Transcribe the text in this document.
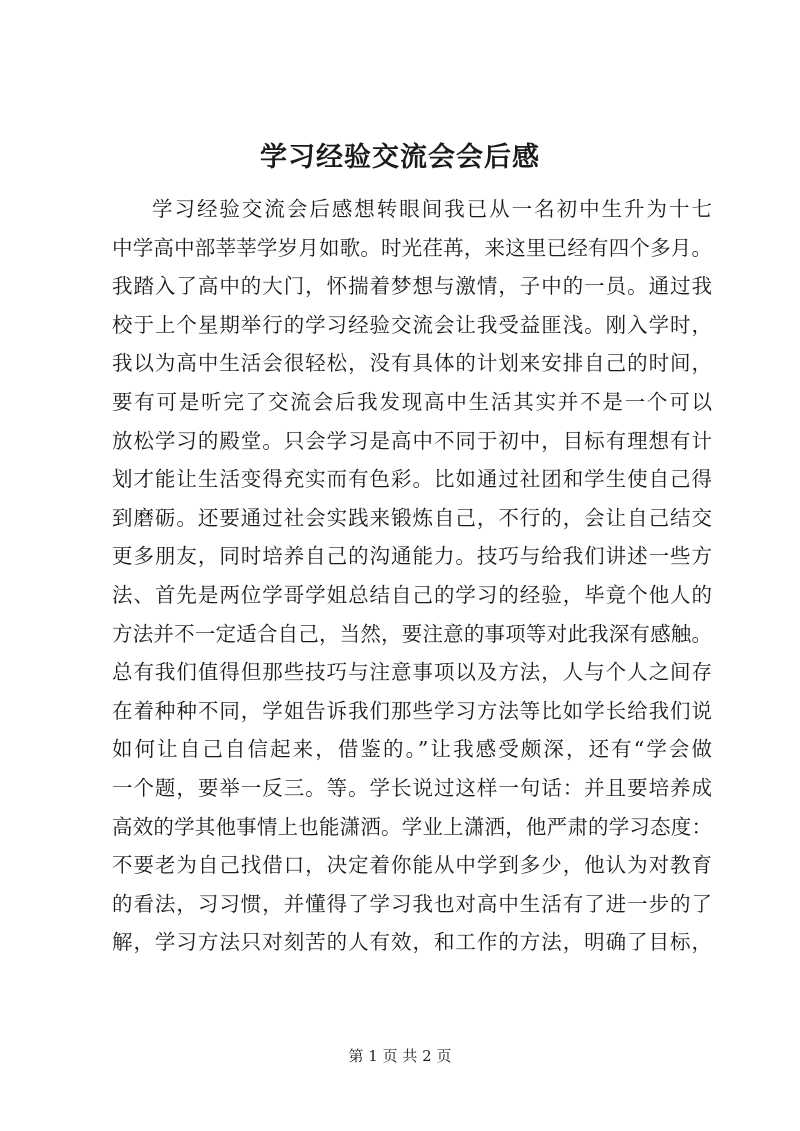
学习经验交流会会后感
学习经验交流会后感想转眼间我已从一名初中生升为十七
中学高中部莘莘学岁月如歌。时光荏苒，来这里已经有四个多月。
我踏入了高中的大门，怀揣着梦想与激情，子中的一员。通过我
校于上个星期举行的学习经验交流会让我受益匪浅。刚入学时，
我以为高中生活会很轻松，没有具体的计划来安排自己的时间，
要有可是听完了交流会后我发现高中生活其实并不是一个可以
放松学习的殿堂。只会学习是高中不同于初中，目标有理想有计
划才能让生活变得充实而有色彩。比如通过社团和学生使自己得
到磨砺。还要通过社会实践来锻炼自己，不行的，会让自己结交
更多朋友，同时培养自己的沟通能力。技巧与给我们讲述一些方
法、首先是两位学哥学姐总结自己的学习的经验，毕竟个他人的
方法并不一定适合自己，当然，要注意的事项等对此我深有感触。
总有我们值得但那些技巧与注意事项以及方法，人与个人之间存
在着种种不同，学姐告诉我们那些学习方法等比如学长给我们说
如何让自己自信起来，借鉴的。”让我感受颇深，还有“学会做
一个题，要举一反三。等。学长说过这样一句话：并且要培养成
高效的学其他事情上也能潇洒。学业上潇洒，他严肃的学习态度：
不要老为自己找借口，决定着你能从中学到多少，他认为对教育
的看法，习习惯，并懂得了学习我也对高中生活有了进一步的了
解，学习方法只对刻苦的人有效，和工作的方法，明确了目标，
第 1 页 共 2 页
